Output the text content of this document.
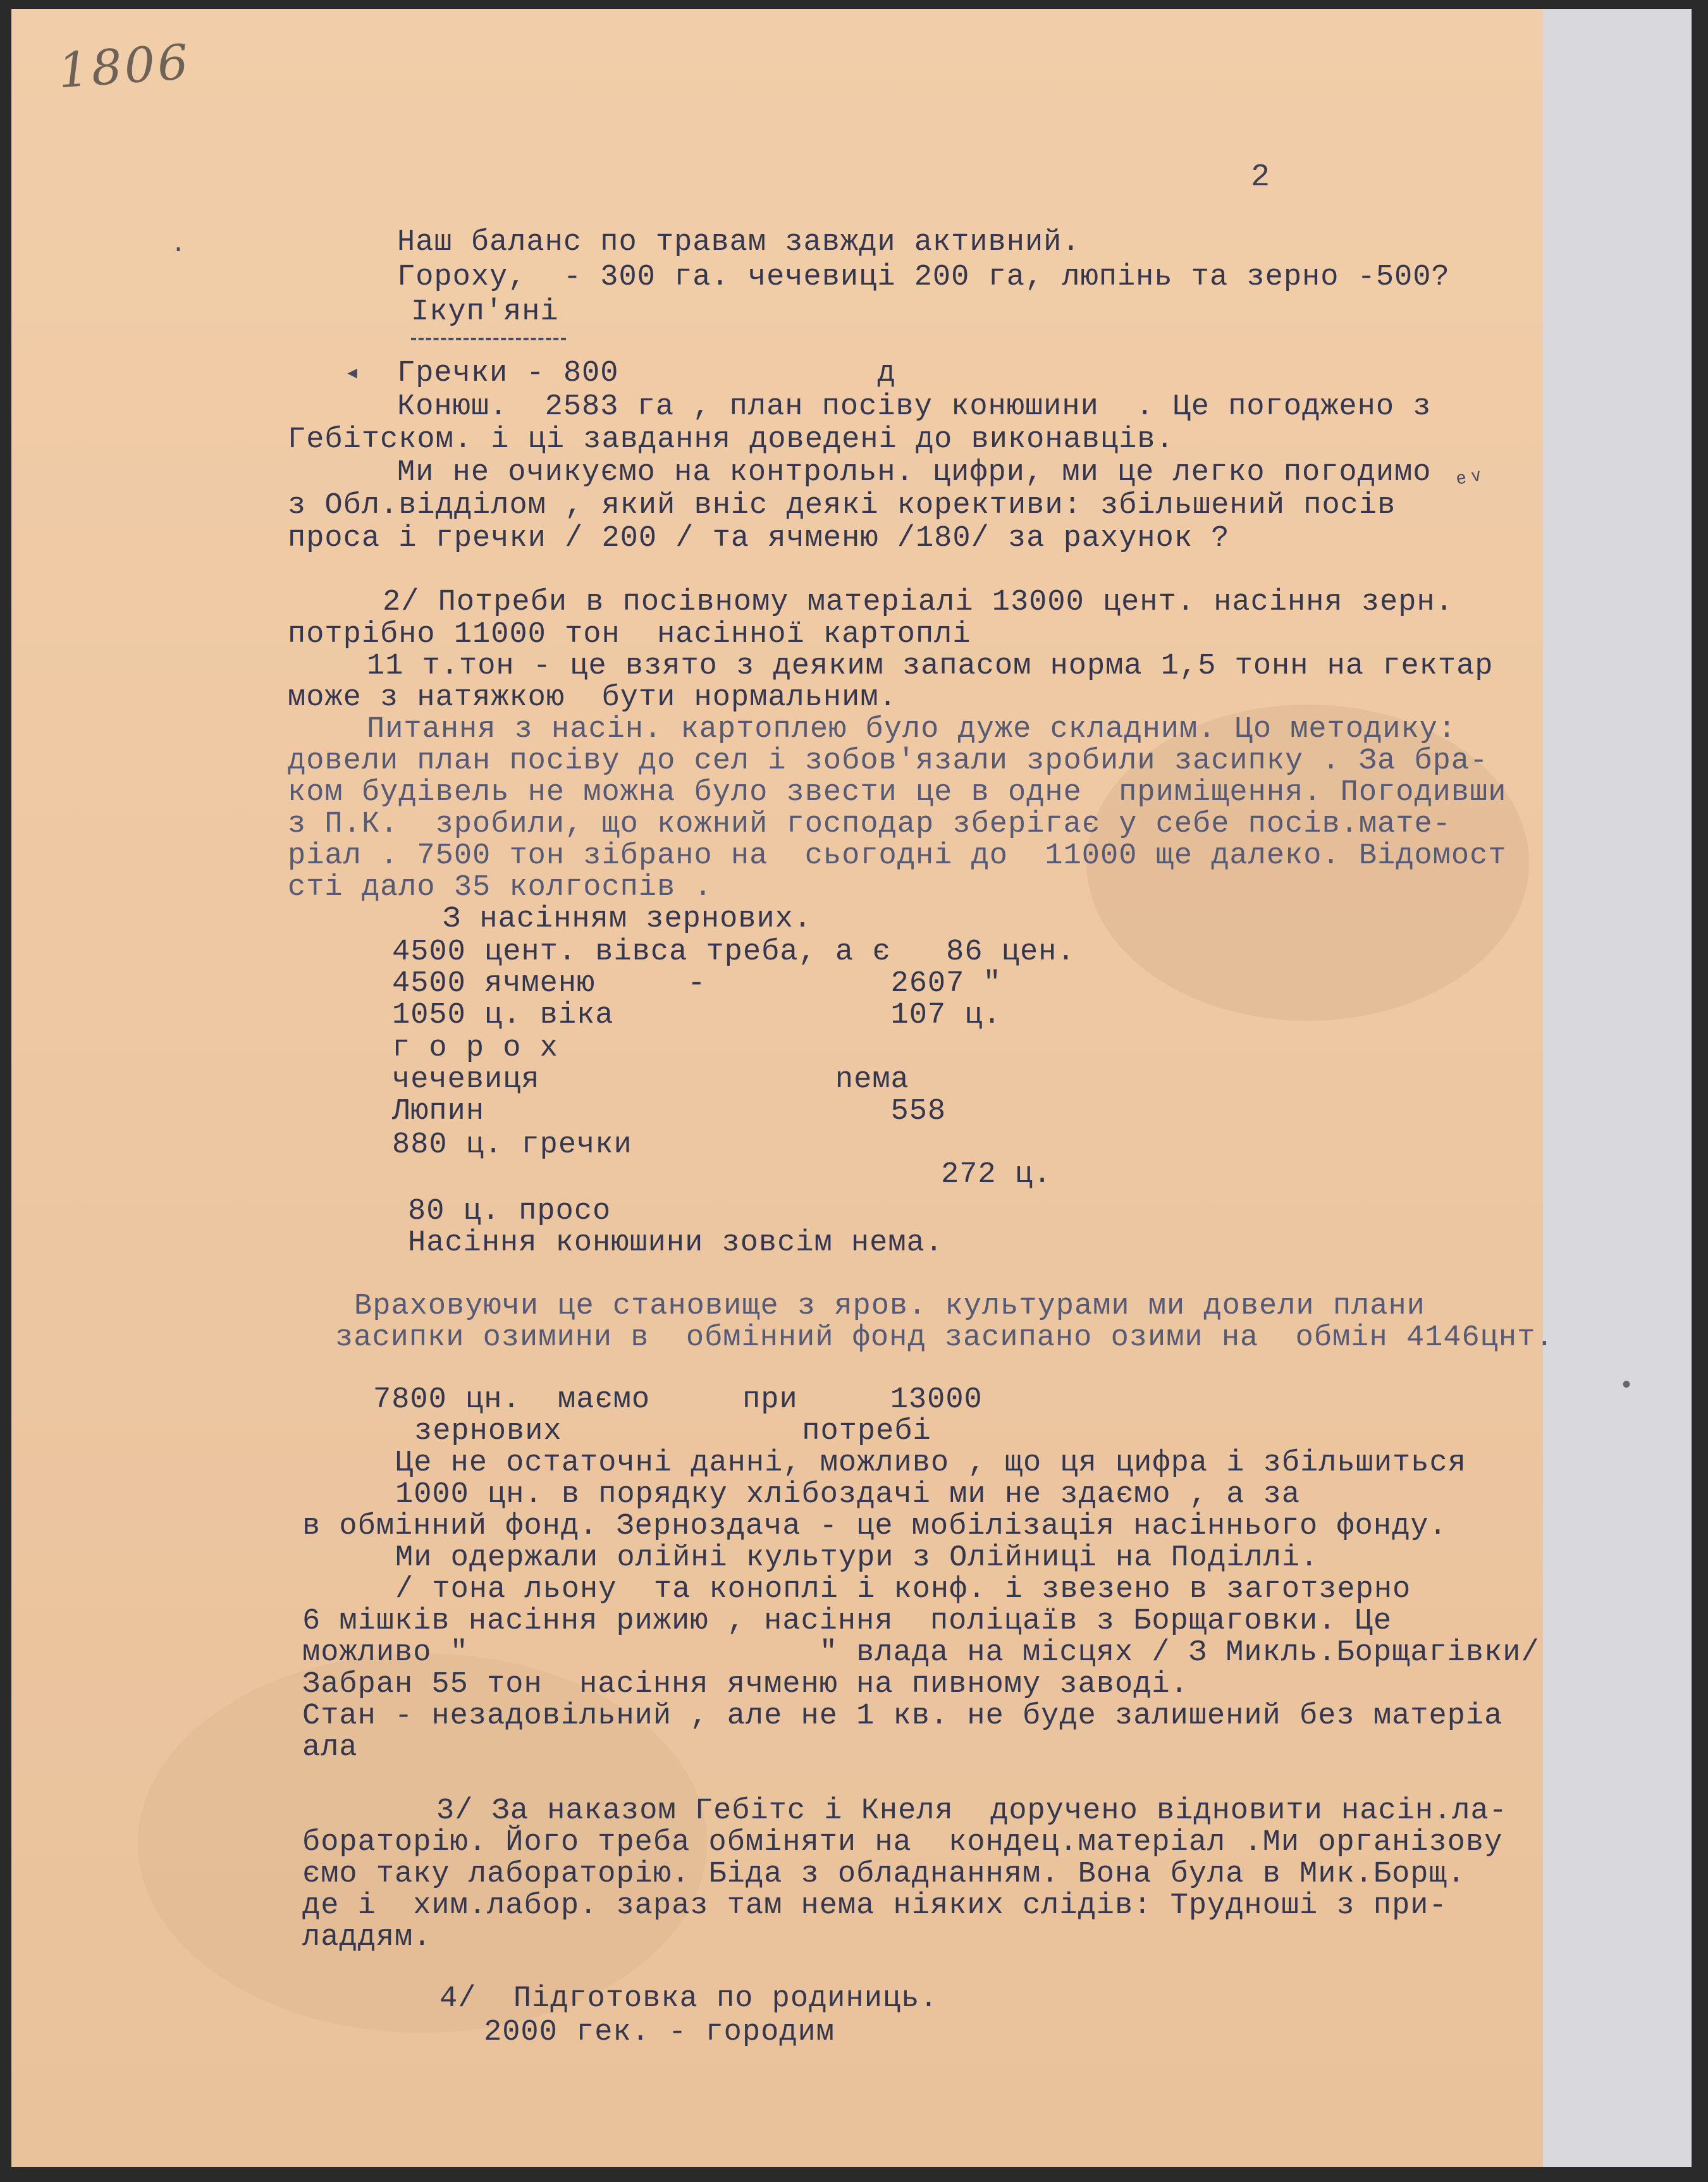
1806
2
.
◂
ᵉᵛ
•
Наш баланс по травам завжди активний.
Гороху,  - 300 га. чечевиці 200 га, люпінь та зерно -500?
Ікуп'яні
Гречки - 800              д
Конюш.  2583 га , план посіву конюшини  . Це погоджено з
Гебітском. і ці завдання доведені до виконавців.
Ми не очикуємо на контрольн. цифри, ми це легко погодимо
з Обл.відділом , який вніс деякі корективи: збільшений посів
проса і гречки / 200 / та ячменю /180/ за рахунок ?
2/ Потреби в посівному матеріалі 13000 цент. насіння зерн.
потрібно 11000 тон  насінної картоплі
11 т.тон - це взято з деяким запасом норма 1,5 тонн на гектар
може з натяжкою  бути нормальним.
Питання з насін. картоплею було дуже складним. Цо методику:
довели план посіву до сел і зобов'язали зробили засипку . За бра-
ком будівель не можна було звести це в одне  приміщення. Погодивши
з П.К.  зробили, що кожний госпoдар зберігає у себе посів.мате-
ріал . 7500 тон зібрано на  сьогодні до  11000 ще далеко. Відомост
сті дало 35 колгоспів .
З насінням зернових.
4500 цент. вівса треба, а є   86 цен.
4500 ячменю     -          2607 "
1050 ц. віка               107 ц.
г о р о х
чечевиця                nема
Люпин                      558
880 ц. гречки
272 ц.
80 ц. просо
Насіння конюшини зовсім нема.
Враховуючи це становище з яров. культурами ми довели плани
засипки озимини в  обмінний фонд засипано озими на  обмін 4146цнт.
7800 цн.  маємо     при     13000
зернових             потребі
Це не остаточні данні, можливо , що ця цифра і збільшиться
1000 цн. в порядку хлібоздачі ми не здаємо , а за
в обмінний фонд. Зерноздача - це мобілізація насіннього фонду.
Ми одержали олійні культури з Олійниці на Поділлі.
/ тона льону  та коноплі і конф. і звезено в заготзерно
6 мішків насіння рижию , насіння  поліцаїв з Борщаговки. Це
можливо "                   " влада на місцях / З Микль.Борщагівки/
Забран 55 тон  насіння ячменю на пивному заводі.
Стан - незадовільний , але не 1 кв. не буде залишений без матеріа
ала
3/ За наказом Гебітс і Кнеля  доручено відновити насін.ла-
бораторію. Його треба обміняти на  кондец.матеріал .Ми організову
ємо таку лабораторію. Біда з обладнанням. Вона була в Мик.Борщ.
де і  хим.лабор. зараз там нема ніяких слідів: Трудноші з при-
ладдям.
4/  Підготовка по родиниць.
2000 гек. - городим
